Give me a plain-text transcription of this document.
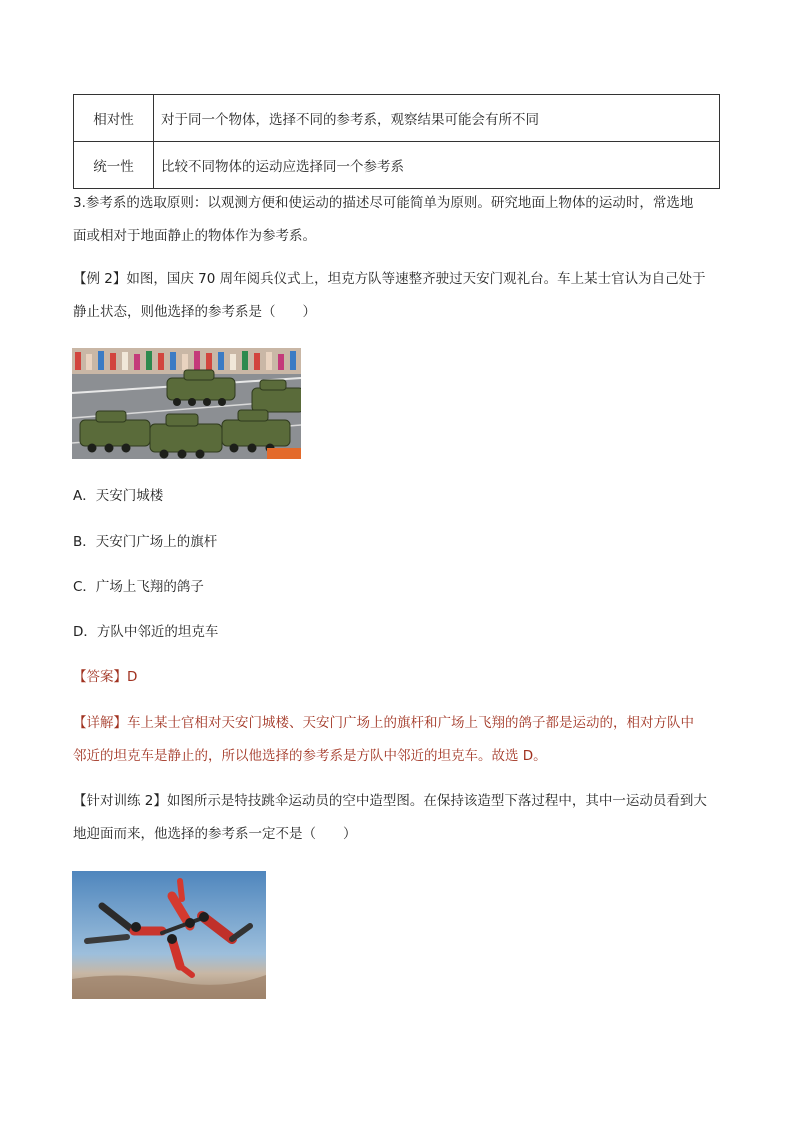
相对性	对于同一个物体，选择不同的参考系，观察结果可能会有所不同
统一性	比较不同物体的运动应选择同一个参考系

3.参考系的选取原则：以观测方便和使运动的描述尽可能简单为原则。研究地面上物体的运动时，常选地
面或相对于地面静止的物体作为参考系。

【例 2】如图，国庆 70 周年阅兵仪式上，坦克方队等速整齐驶过天安门观礼台。车上某士官认为自己处于
静止状态，则他选择的参考系是（　　）

A．天安门城楼

B．天安门广场上的旗杆

C．广场上飞翔的鸽子

D．方队中邻近的坦克车

【答案】D

【详解】车上某士官相对天安门城楼、天安门广场上的旗杆和广场上飞翔的鸽子都是运动的，相对方队中
邻近的坦克车是静止的，所以他选择的参考系是方队中邻近的坦克车。故选 D。

【针对训练 2】如图所示是特技跳伞运动员的空中造型图。在保持该造型下落过程中，其中一运动员看到大
地迎面而来，他选择的参考系一定不是（　　）
